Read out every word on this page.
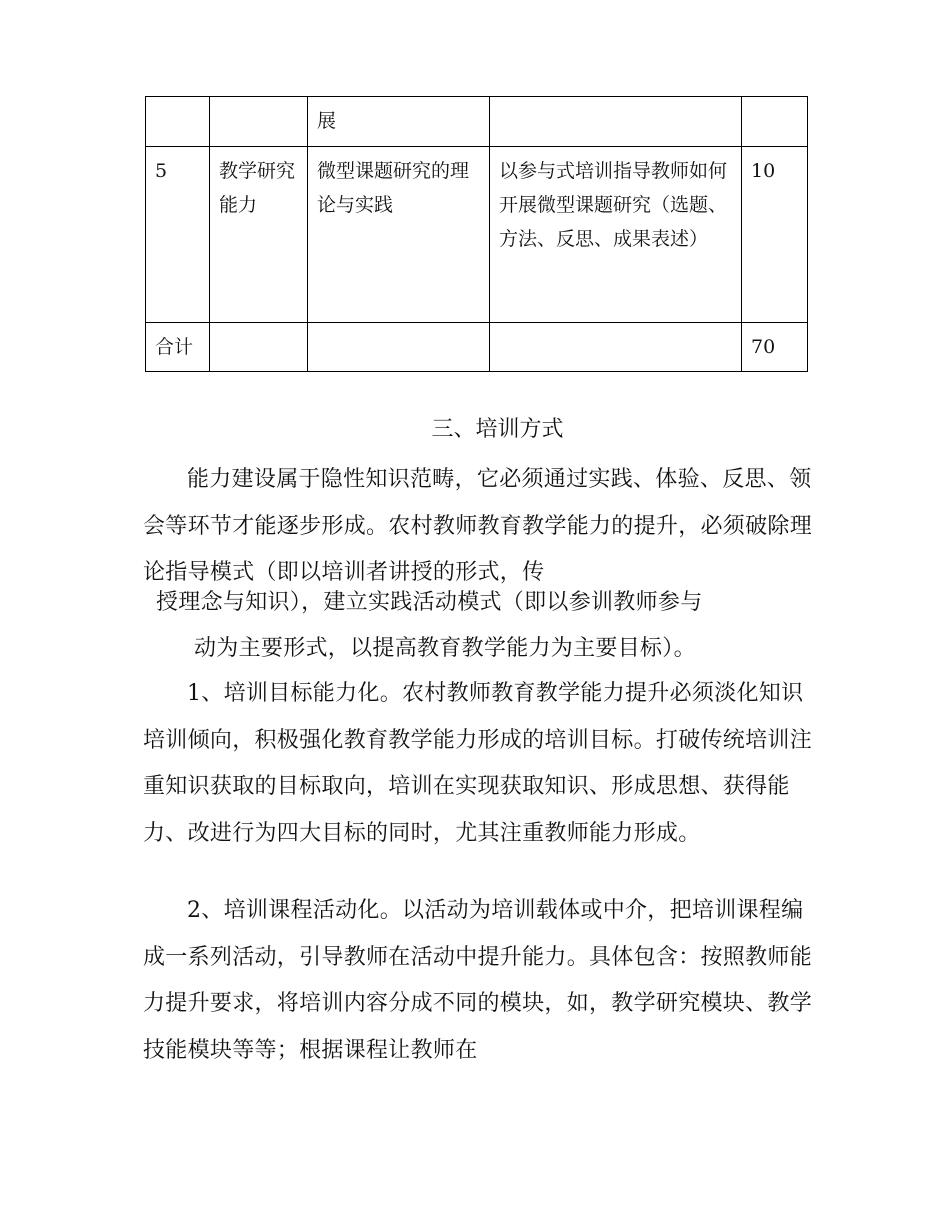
		展		
5	教学研究能力	微型课题研究的理论与实践	以参与式培训指导教师如何开展微型课题研究（选题、方法、反思、成果表述）	10
合计				70
三、培训方式

能力建设属于隐性知识范畴，它必须通过实践、体验、反思、领会等环节才能逐步形成。农村教师教育教学能力的提升，必须破除理论指导模式（即以培训者讲授的形式，传

授理念与知识），建立实践活动模式（即以参训教师参与
动为主要形式，以提高教育教学能力为主要目标）。

1、培训目标能力化。农村教师教育教学能力提升必须淡化知识培训倾向，积极强化教育教学能力形成的培训目标。打破传统培训注重知识获取的目标取向，培训在实现获取知识、形成思想、获得能力、改进行为四大目标的同时，尤其注重教师能力形成。

2、培训课程活动化。以活动为培训载体或中介，把培训课程编成一系列活动，引导教师在活动中提升能力。具体包含：按照教师能力提升要求，将培训内容分成不同的模块，如，教学研究模块、教学技能模块等等；根据课程让教师在
